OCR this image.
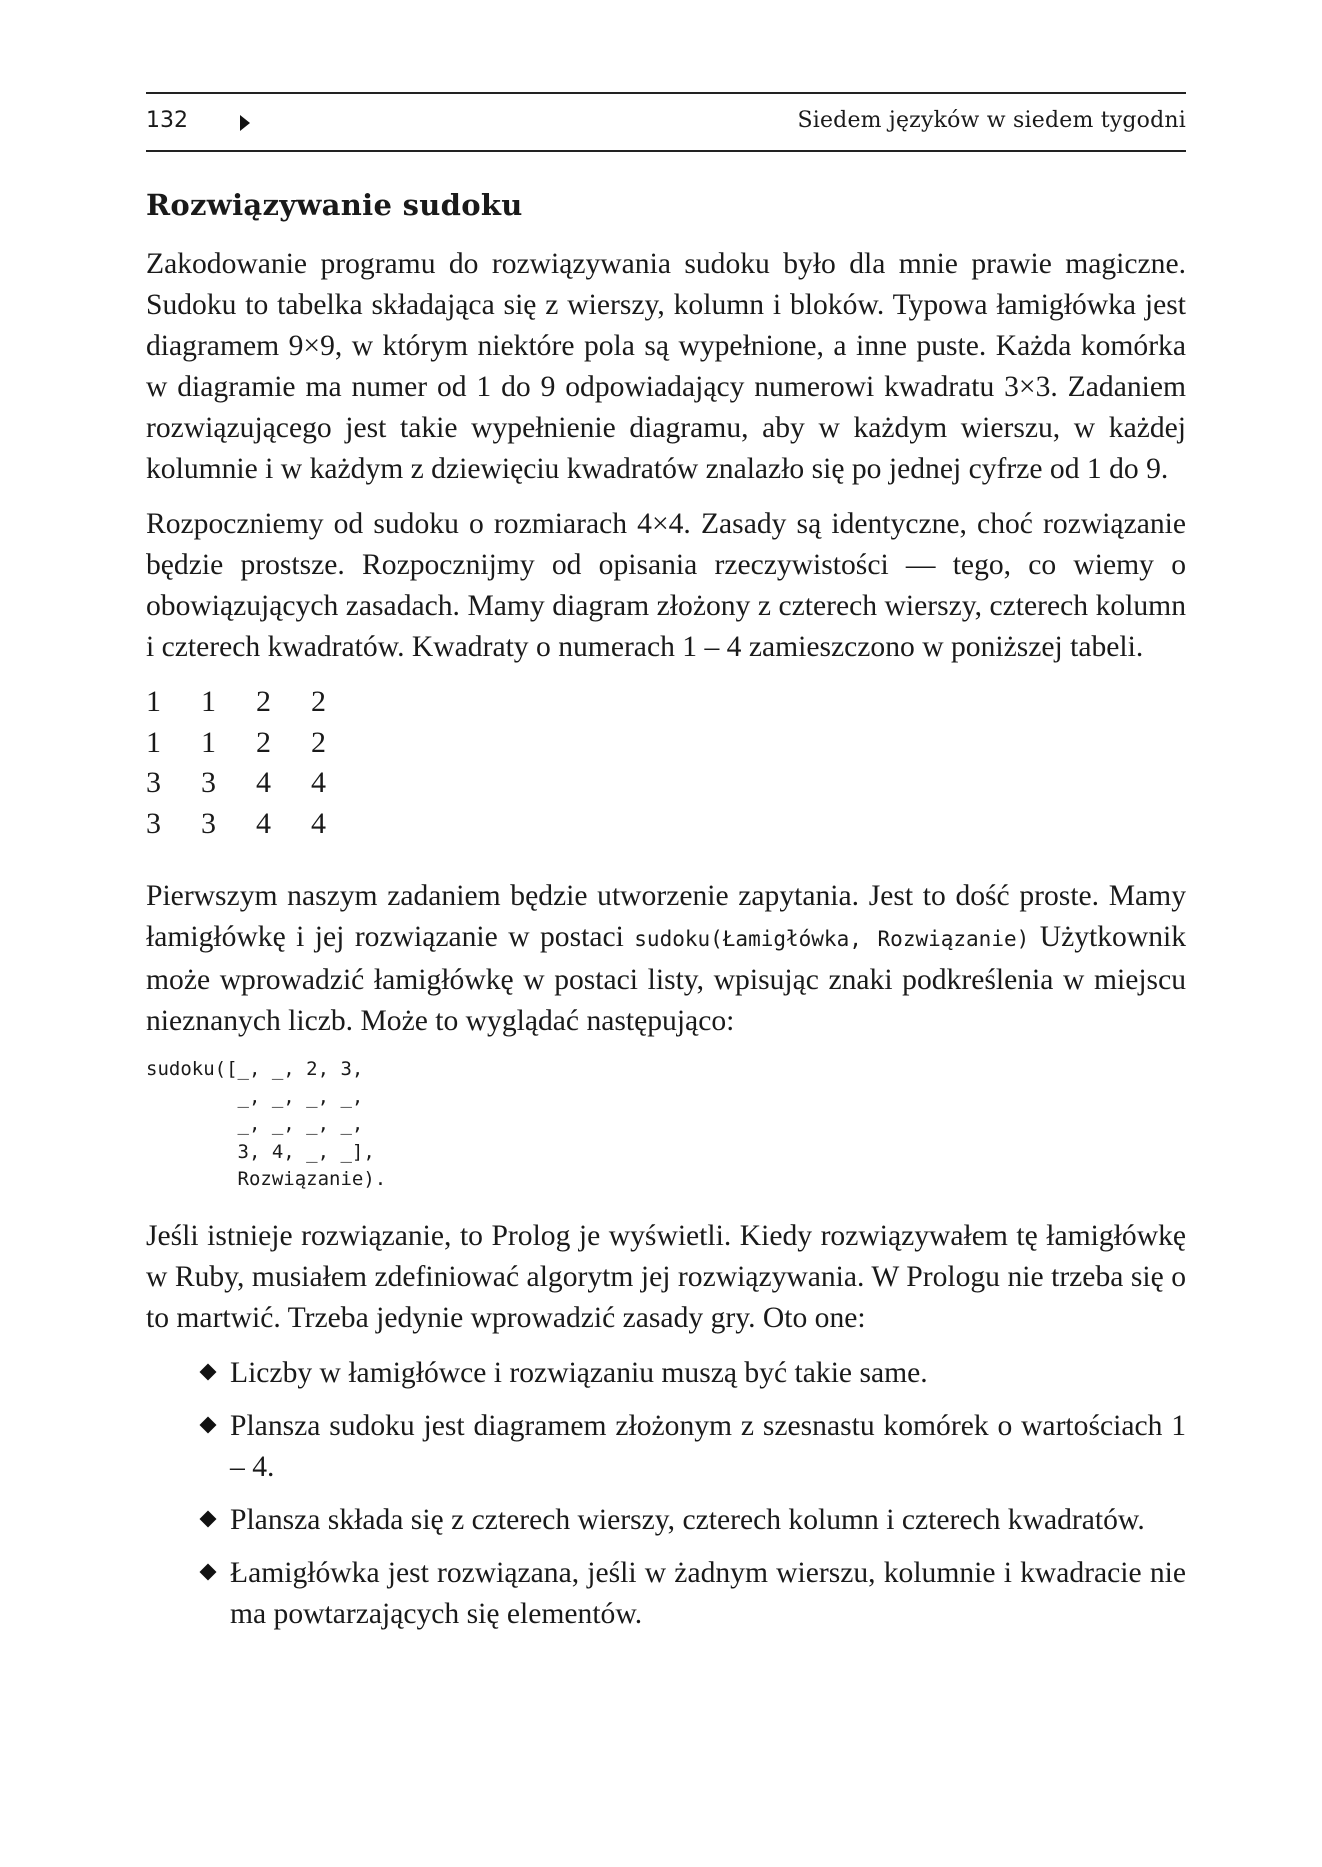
132	Siedem języków w siedem tygodni
Rozwiązywanie sudoku

Zakodowanie programu do rozwiązywania sudoku było dla mnie prawie magiczne. Sudoku to tabelka składająca się z wierszy, kolumn i bloków. Typowa łamigłówka jest diagramem 9×9, w którym niektóre pola są wypełnione, a inne puste. Każda komórka w diagramie ma numer od 1 do 9 odpowiadający numerowi kwadratu 3×3. Zadaniem rozwiązującego jest takie wypełnienie diagramu, aby w każdym wierszu, w każdej kolumnie i w każdym z dziewięciu kwadratów znalazło się po jednej cyfrze od 1 do 9.

Rozpoczniemy od sudoku o rozmiarach 4×4. Zasady są identyczne, choć rozwiązanie będzie prostsze. Rozpocznijmy od opisania rzeczywistości — tego, co wiemy o obowiązujących zasadach. Mamy diagram złożony z czterech wierszy, czterech kolumn i czterech kwadratów. Kwadraty o numerach 1 – 4 zamieszczono w poniższej tabeli.

1	1	2	2
1	1	2	2
3	3	4	4
3	3	4	4

Pierwszym naszym zadaniem będzie utworzenie zapytania. Jest to dość proste. Mamy łamigłówkę i jej rozwiązanie w postaci sudoku(Łamigłówka, Rozwiązanie) Użytkownik może wprowadzić łamigłówkę w postaci listy, wpisując znaki podkreślenia w miejscu nieznanych liczb. Może to wyglądać następująco:

sudoku([_, _, 2, 3,
_, _, _, _,
_, _, _, _,
3, 4, _, _],
Rozwiązanie).

Jeśli istnieje rozwiązanie, to Prolog je wyświetli. Kiedy rozwiązywałem tę łamigłówkę w Ruby, musiałem zdefiniować algorytm jej rozwiązywania. W Prologu nie trzeba się o to martwić. Trzeba jedynie wprowadzić zasady gry. Oto one:

Liczby w łamigłówce i rozwiązaniu muszą być takie same.
Plansza sudoku jest diagramem złożonym z szesnastu komórek o wartościach 1 – 4.
Plansza składa się z czterech wierszy, czterech kolumn i czterech kwadratów.
Łamigłówka jest rozwiązana, jeśli w żadnym wierszu, kolumnie i kwadracie nie ma powtarzających się elementów.
